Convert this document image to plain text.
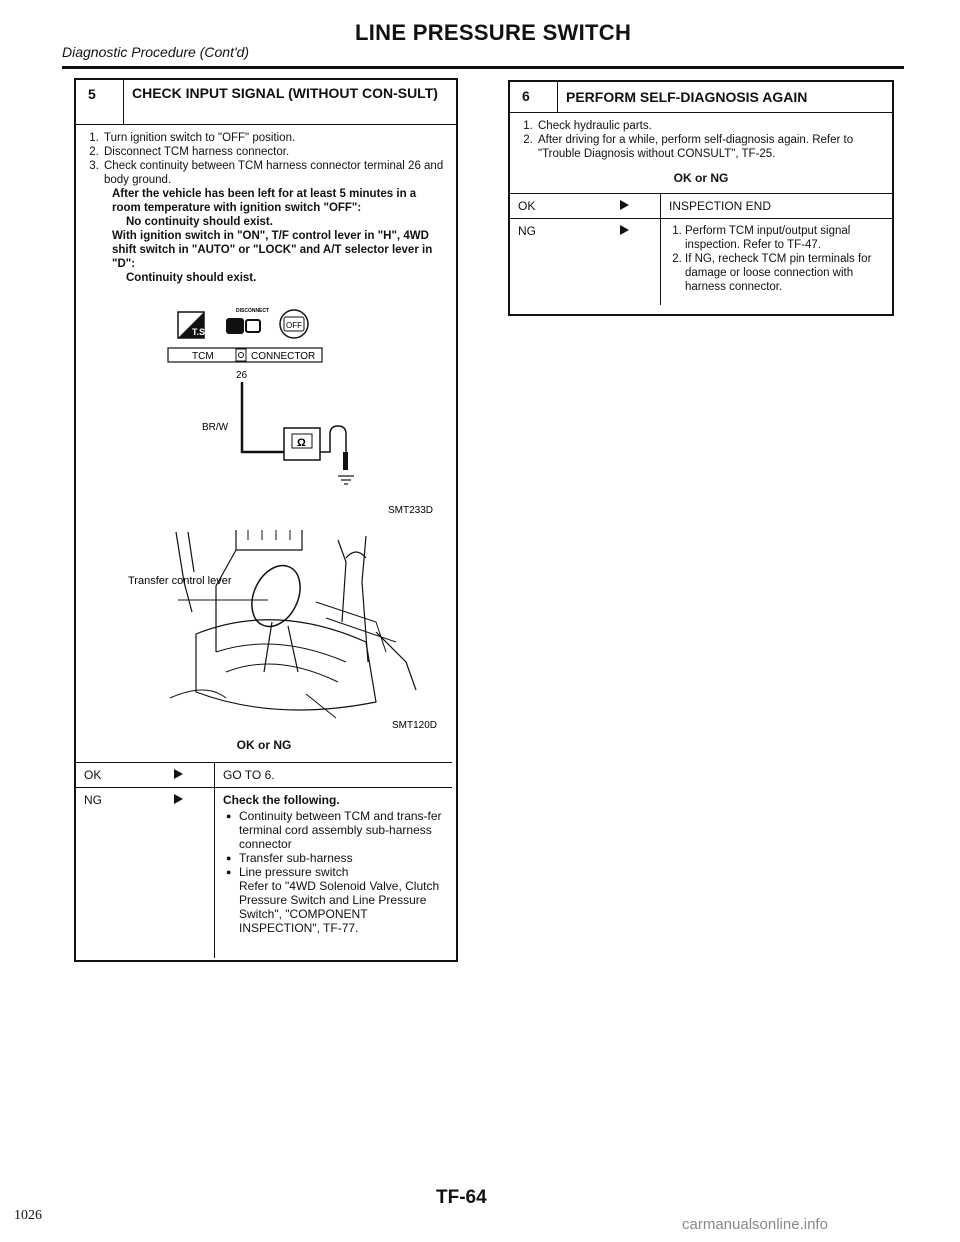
LINE PRESSURE SWITCH
Diagnostic Procedure (Cont'd)
5	CHECK INPUT SIGNAL (WITHOUT CON-SULT)
1. Turn ignition switch to "OFF" position.
2. Disconnect TCM harness connector.
3. Check continuity between TCM harness connector terminal 26 and body ground.
After the vehicle has been left for at least 5 minutes in a room temperature with ignition switch "OFF":
No continuity should exist.
With ignition switch in "ON", T/F control lever in "H", 4WD shift switch in "AUTO" or "LOCK" and A/T selector lever in "D":
Continuity should exist.
T.S.
DISCONNECT
OFF
TCM	CONNECTOR
26
BR/W
Ω
SMT233D
Transfer control lever
SMT120D
OK or NG
OK	GO TO 6.
NG	Check the following.
● Continuity between TCM and trans-fer terminal cord assembly sub-harness connector
● Transfer sub-harness
● Line pressure switch
Refer to "4WD Solenoid Valve, Clutch Pressure Switch and Line Pressure Switch", "COMPONENT INSPECTION", TF-77.
6	PERFORM SELF-DIAGNOSIS AGAIN
1. Check hydraulic parts.
2. After driving for a while, perform self-diagnosis again. Refer to "Trouble Diagnosis without CONSULT", TF-25.
OK or NG
OK	INSPECTION END
NG
1.	Perform TCM input/output signal inspection. Refer to TF-47.
2. If NG, recheck TCM pin terminals for damage or loose connection with harness connector.
TF-64
1026
carmanualsonline.info
